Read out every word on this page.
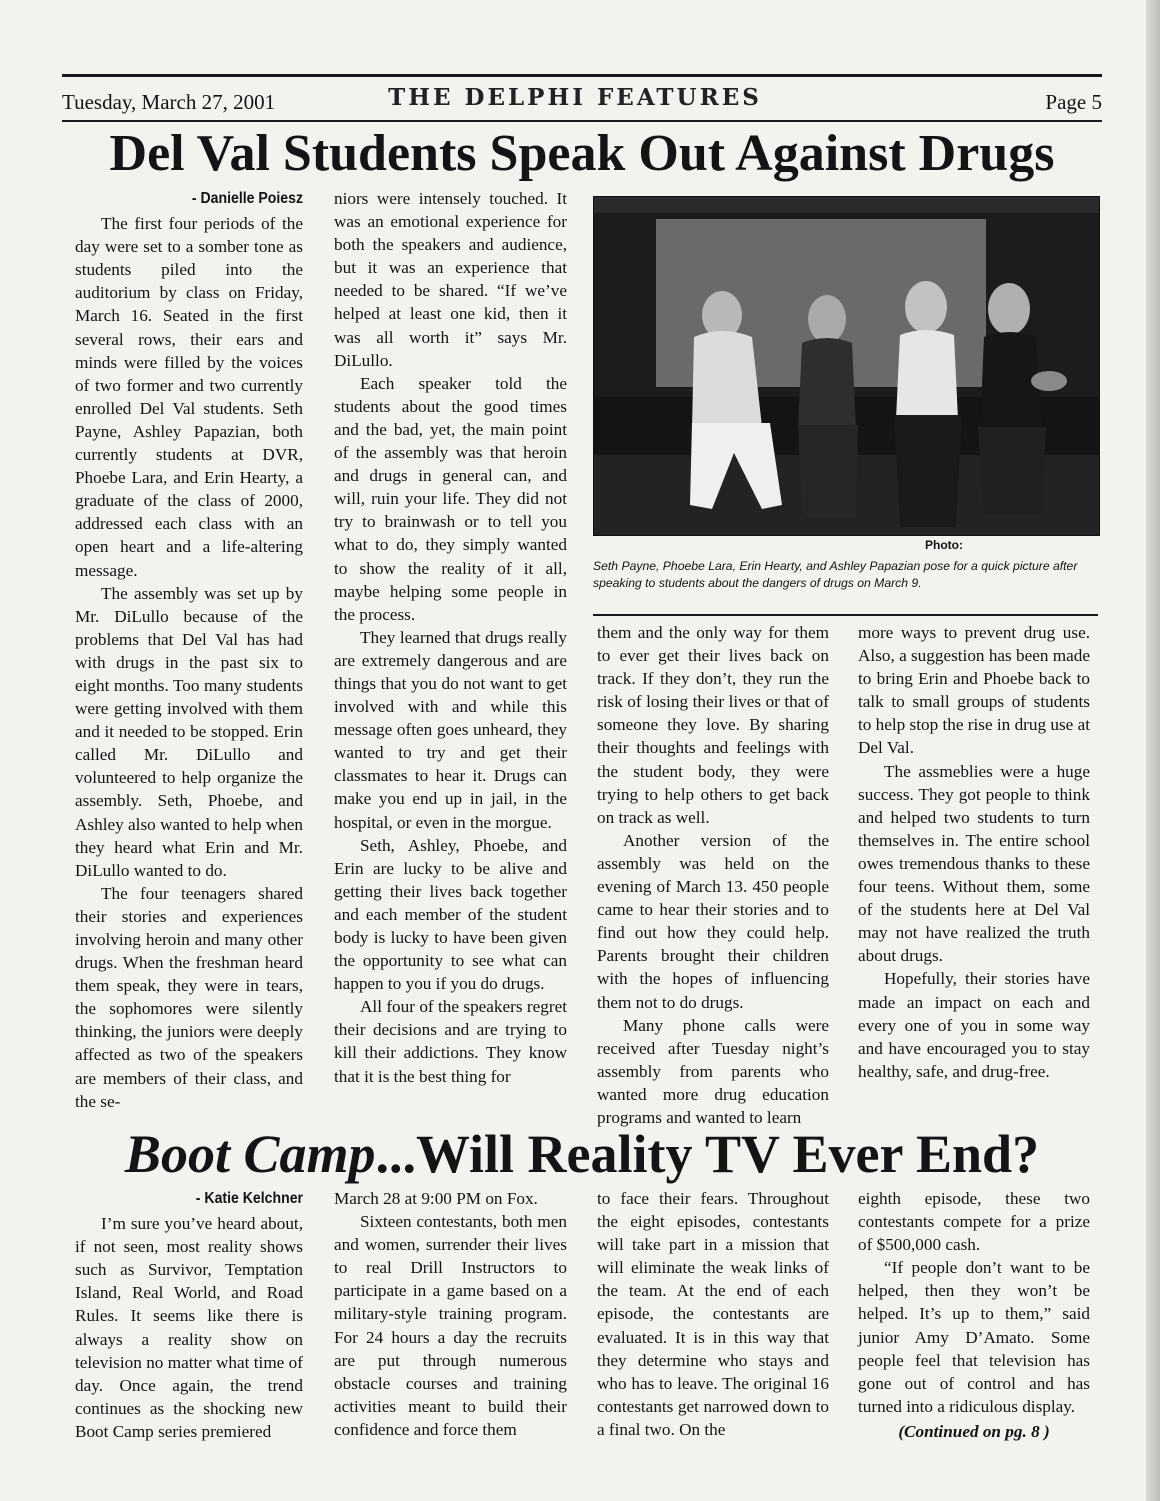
Tuesday, March 27, 2001	THE DELPHI FEATURES	Page 5
Del Val Students Speak Out Against Drugs

- Danielle Poiesz

The first four periods of the day were set to a somber tone as students piled into the auditorium by class on Friday, March 16. Seated in the first several rows, their ears and minds were filled by the voices of two former and two currently enrolled Del Val students. Seth Payne, Ashley Papazian, both currently students at DVR, Phoebe Lara, and Erin Hearty, a graduate of the class of 2000, addressed each class with an open heart and a life-altering message.

The assembly was set up by Mr. DiLullo because of the problems that Del Val has had with drugs in the past six to eight months. Too many students were getting involved with them and it needed to be stopped. Erin called Mr. DiLullo and volunteered to help organize the assembly. Seth, Phoebe, and Ashley also wanted to help when they heard what Erin and Mr. DiLullo wanted to do.

The four teenagers shared their stories and experiences involving heroin and many other drugs. When the freshman heard them speak, they were in tears, the sophomores were silently thinking, the juniors were deeply affected as two of the speakers are members of their class, and the se-

niors were intensely touched. It was an emotional experience for both the speakers and audience, but it was an experience that needed to be shared. “If we’ve helped at least one kid, then it was all worth it” says Mr. DiLullo.

Each speaker told the students about the good times and the bad, yet, the main point of the assembly was that heroin and drugs in general can, and will, ruin your life. They did not try to brainwash or to tell you what to do, they simply wanted to show the reality of it all, maybe helping some people in the process.

They learned that drugs really are extremely dangerous and are things that you do not want to get involved with and while this message often goes unheard, they wanted to try and get their classmates to hear it. Drugs can make you end up in jail, in the hospital, or even in the morgue.

Seth, Ashley, Phoebe, and Erin are lucky to be alive and getting their lives back together and each member of the student body is lucky to have been given the opportunity to see what can happen to you if you do drugs.

All four of the speakers regret their decisions and are trying to kill their addictions. They know that it is the best thing for

Photo:
Seth Payne, Phoebe Lara, Erin Hearty, and Ashley Papazian pose for a quick picture after speaking to students about the dangers of drugs on March 9.

them and the only way for them to ever get their lives back on track. If they don’t, they run the risk of losing their lives or that of someone they love. By sharing their thoughts and feelings with the student body, they were trying to help others to get back on track as well.

Another version of the assembly was held on the evening of March 13. 450 people came to hear their stories and to find out how they could help. Parents brought their children with the hopes of influencing them not to do drugs.

Many phone calls were received after Tuesday night’s assembly from parents who wanted more drug education programs and wanted to learn

more ways to prevent drug use. Also, a suggestion has been made to bring Erin and Phoebe back to talk to small groups of students to help stop the rise in drug use at Del Val.

The assmeblies were a huge success. They got people to think and helped two students to turn themselves in. The entire school owes tremendous thanks to these four teens. Without them, some of the students here at Del Val may not have realized the truth about drugs.

Hopefully, their stories have made an impact on each and every one of you in some way and have encouraged you to stay healthy, safe, and drug-free.

Boot Camp...Will Reality TV Ever End?

- Katie Kelchner

I’m sure you’ve heard about, if not seen, most reality shows such as Survivor, Temptation Island, Real World, and Road Rules. It seems like there is always a reality show on television no matter what time of day. Once again, the trend continues as the shocking new Boot Camp series premiered

March 28 at 9:00 PM on Fox.

Sixteen contestants, both men and women, surrender their lives to real Drill Instructors to participate in a game based on a military-style training program. For 24 hours a day the recruits are put through numerous obstacle courses and training activities meant to build their confidence and force them

to face their fears. Throughout the eight episodes, contestants will take part in a mission that will eliminate the weak links of the team. At the end of each episode, the contestants are evaluated. It is in this way that they determine who stays and who has to leave. The original 16 contestants get narrowed down to a final two. On the

eighth episode, these two contestants compete for a prize of $500,000 cash.

“If people don’t want to be helped, then they won’t be helped. It’s up to them,” said junior Amy D’Amato. Some people feel that television has gone out of control and has turned into a ridiculous display.

(Continued on pg. 8 )
